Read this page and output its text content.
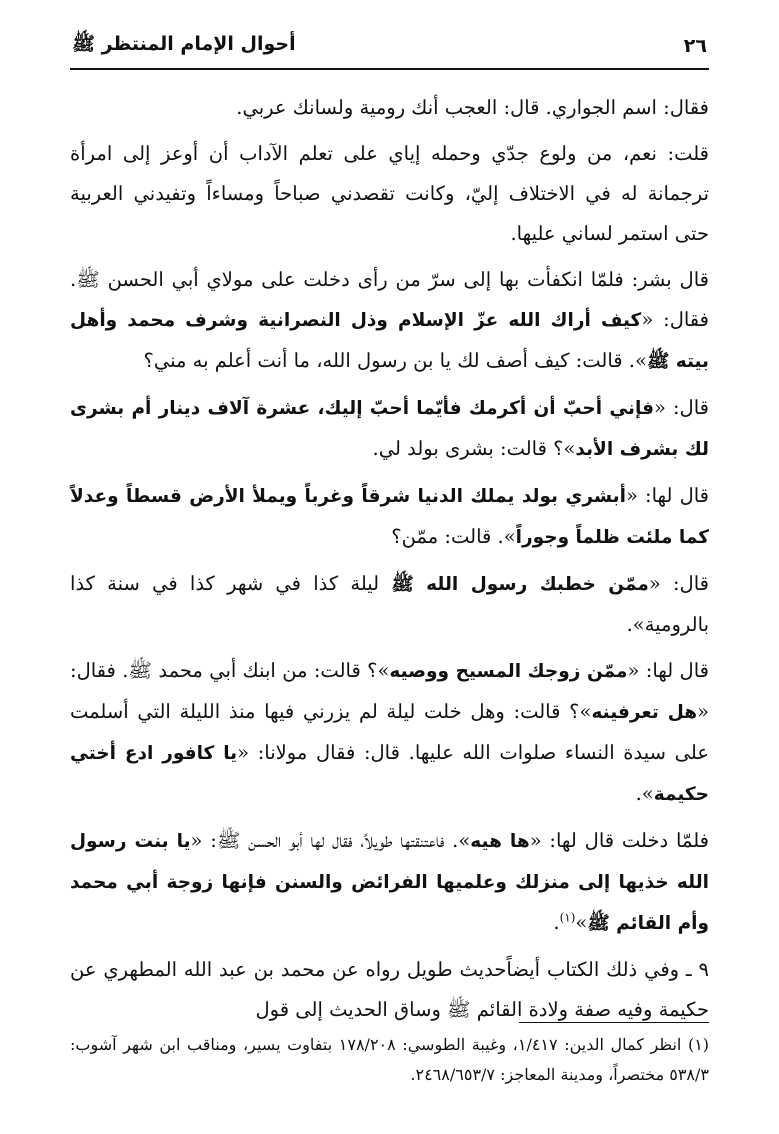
٢٦
أحوال الإمام المنتظر ﷺ

فقال: اسم الجواري. قال: العجب أنك رومية ولسانك عربي.

قلت: نعم، من ولوع جدّي وحمله إياي على تعلم الآداب أن أوعز إلى امرأة ترجمانة له في الاختلاف إليّ، وكانت تقصدني صباحاً ومساءاً وتفيدني العربية حتى استمر لساني عليها.

قال بشر: فلمّا انكفأت بها إلى سرّ من رأى دخلت على مولاي أبي الحسن ﷺ. فقال: «كيف أراك الله عزّ الإسلام وذل النصرانية وشرف محمد وأهل بيته ﷺ». قالت: كيف أصف لك يا بن رسول الله، ما أنت أعلم به مني؟

قال: «فإني أحبّ أن أكرمك فأيّما أحبّ إليك، عشرة آلاف دينار أم بشرى لك بشرف الأبد»؟ قالت: بشرى بولد لي.

قال لها: «أبشري بولد يملك الدنيا شرقاً وغرباً ويملأ الأرض قسطاً وعدلاً كما ملئت ظلماً وجوراً». قالت: ممّن؟

قال: «ممّن خطبك رسول الله ﷺ ليلة كذا في شهر كذا في سنة كذا بالرومية».

قال لها: «ممّن زوجك المسيح ووصيه»؟ قالت: من ابنك أبي محمد ﷺ. فقال: «هل تعرفينه»؟ قالت: وهل خلت ليلة لم يزرني فيها منذ الليلة التي أسلمت على سيدة النساء صلوات الله عليها. قال: فقال مولانا: «يا كافور ادع أختي حكيمة».

فلمّا دخلت قال لها: «ها هيه». فاعتنقتها طويلاً، فقال لها أبو الحسن ﷺ: «يا بنت رسول الله خذيها إلى منزلك وعلميها الفرائض والسنن فإنها زوجة أبي محمد وأم القائم ﷺ»$^{(١)}$.

٩ ـ وفي ذلك الكتاب أيضاًحديث طويل رواه عن محمد بن عبد الله المطهري عن حكيمة وفيه صفة ولادة القائم ﷺ وساق الحديث إلى قول

(١) انظر كمال الدين: ١/٤١٧، وغيبة الطوسي: ١٧٨/٢٠٨ بتفاوت يسير، ومناقب ابن شهر آشوب: ٥٣٨/٣ مختصراً، ومدينة المعاجز: ٢٤٦٨/٦٥٣/٧.
